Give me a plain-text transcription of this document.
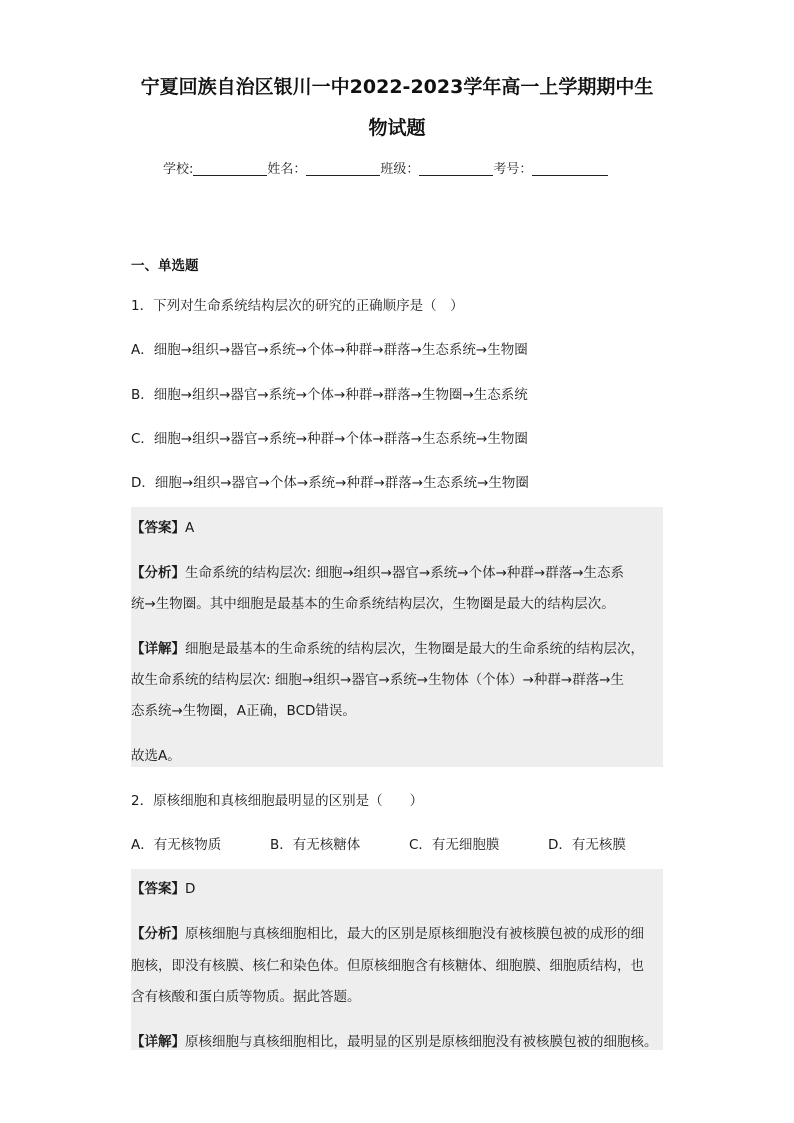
宁夏回族自治区银川一中2022-2023学年高一上学期期中生
物试题
学校:	姓名：	班级：	考号：
一、单选题
1．下列对生命系统结构层次的研究的正确顺序是（　）
A．细胞→组织→器官→系统→个体→种群→群落→生态系统→生物圈
B．细胞→组织→器官→系统→个体→种群→群落→生物圈→生态系统
C．细胞→组织→器官→系统→种群→个体→群落→生态系统→生物圈
D．细胞→组织→器官→个体→系统→种群→群落→生态系统→生物圈
【答案】A
【分析】生命系统的结构层次: 细胞→组织→器官→系统→个体→种群→群落→生态系
统→生物圈。其中细胞是最基本的生命系统结构层次，生物圈是最大的结构层次。
【详解】细胞是最基本的生命系统的结构层次，生物圈是最大的生命系统的结构层次，
故生命系统的结构层次: 细胞→组织→器官→系统→生物体（个体）→种群→群落→生
态系统→生物圈，A正确，BCD错误。
故选A。
2．原核细胞和真核细胞最明显的区别是（　　）
A．有无核物质	B．有无核糖体	C．有无细胞膜	D．有无核膜
【答案】D
【分析】原核细胞与真核细胞相比，最大的区别是原核细胞没有被核膜包被的成形的细
胞核，即没有核膜、核仁和染色体。但原核细胞含有核糖体、细胞膜、细胞质结构，也
含有核酸和蛋白质等物质。据此答题。
【详解】原核细胞与真核细胞相比，最明显的区别是原核细胞没有被核膜包被的细胞核。
